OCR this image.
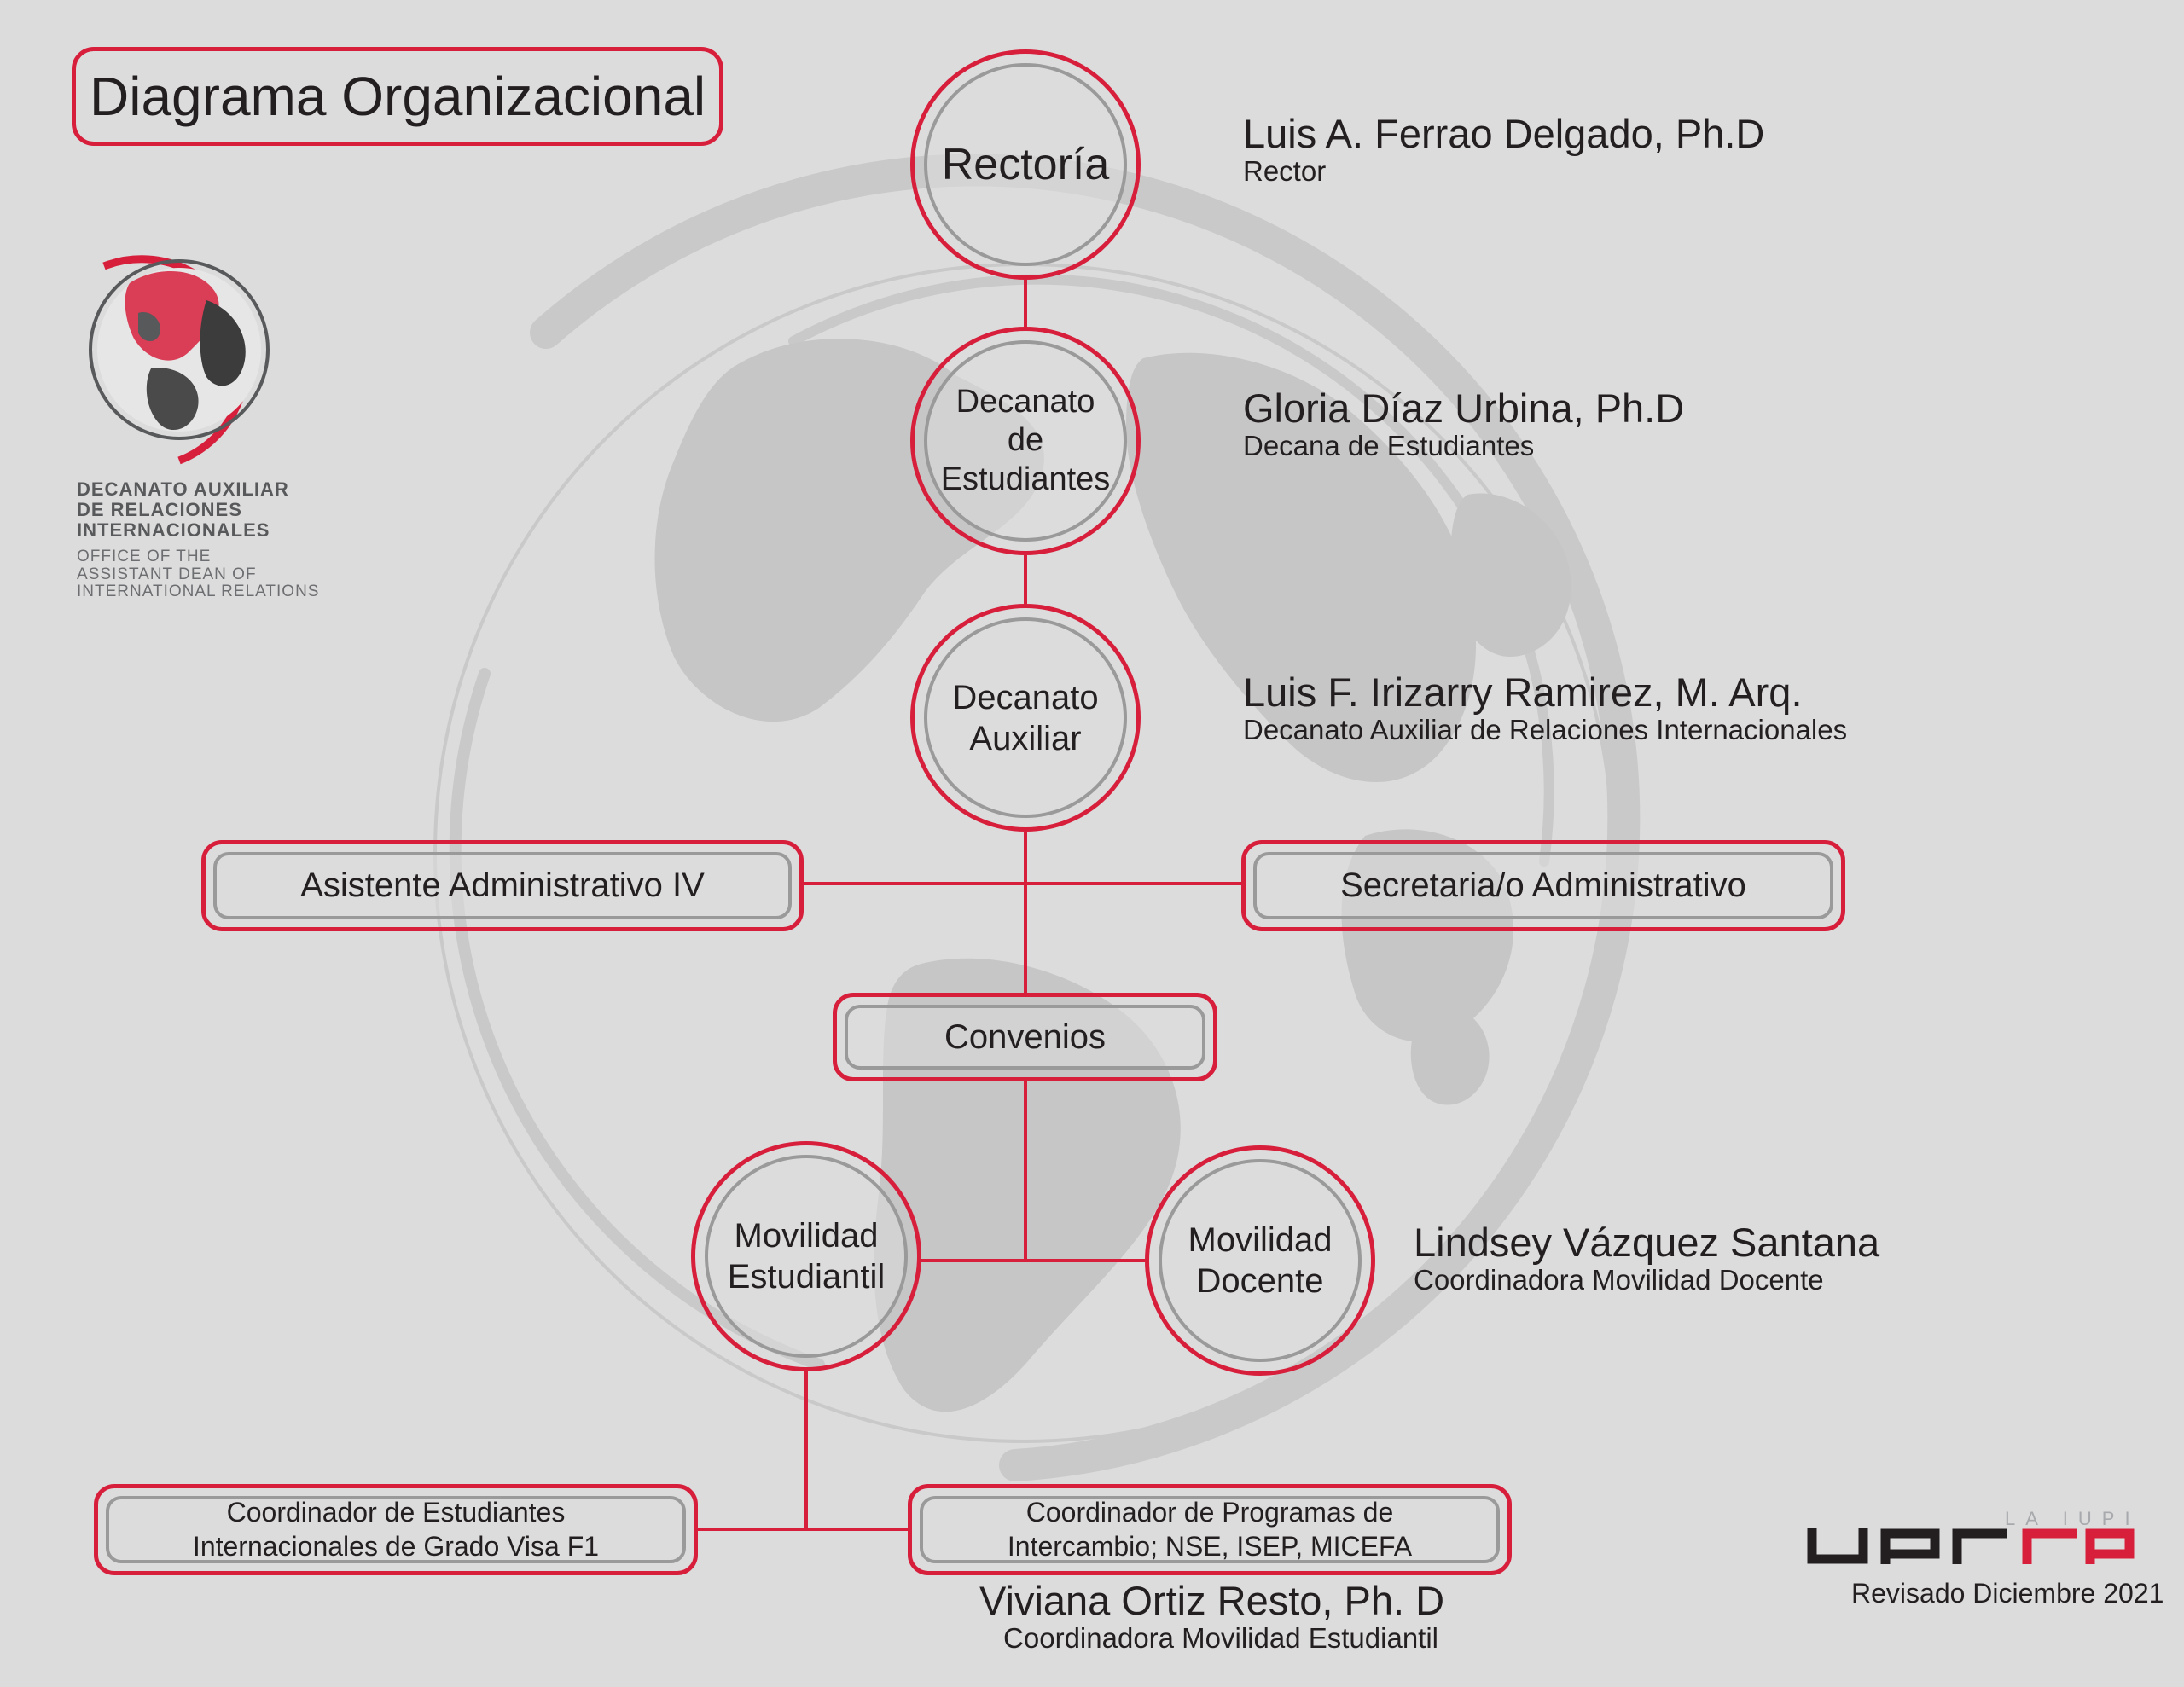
Diagrama Organizacional
DECANATO AUXILIAR
DE RELACIONES
INTERNACIONALES
OFFICE OF THE
ASSISTANT DEAN OF
INTERNATIONAL RELATIONS
Rectoría
Decanato
de
Estudiantes
Decanato
Auxiliar
Movilidad
Estudiantil
Movilidad
Docente
Asistente Administrativo IV	Secretaria/o Administrativo
Convenios
Coordinador de Estudiantes
Internacionales de Grado Visa F1
Coordinador de Programas de
Intercambio; NSE, ISEP, MICEFA
Luis A. Ferrao Delgado, Ph.D
Rector
Gloria Díaz Urbina, Ph.D
Decana de Estudiantes
Luis F. Irizarry Ramirez, M. Arq.
Decanato Auxiliar de Relaciones Internacionales
Lindsey Vázquez Santana
Coordinadora Movilidad Docente
Viviana Ortiz Resto, Ph. D
Coordinadora Movilidad Estudiantil
LA IUPI
Revisado Diciembre 2021
